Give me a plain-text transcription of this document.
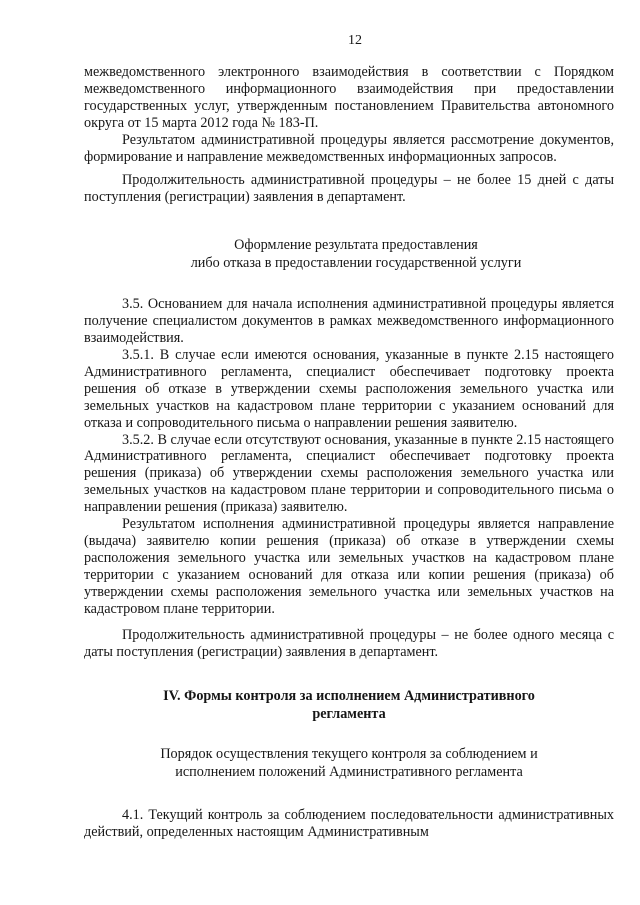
12

межведомственного электронного взаимодействия в соответствии с Порядком межведомственного информационного взаимодействия при предоставлении государственных услуг, утвержденным постановлением Правительства автономного округа от 15 марта 2012 года № 183-П.

Результатом административной процедуры является рассмотрение документов, формирование и направление межведомственных информационных запросов.

Продолжительность административной процедуры – не более 15 дней с даты поступления (регистрации) заявления в департамент.

Оформление результата предоставления
либо отказа в предоставлении государственной услуги

3.5. Основанием для начала исполнения административной процедуры является получение специалистом документов в рамках межведомственного информационного взаимодействия.

3.5.1. В случае если имеются основания, указанные в пункте 2.15 настоящего Административного регламента, специалист обеспечивает подготовку проекта решения об отказе в утверждении схемы расположения земельного участка или земельных участков на кадастровом плане территории с указанием оснований для отказа и сопроводительного письма о направлении решения заявителю.

3.5.2. В случае если отсутствуют основания, указанные в пункте 2.15 настоящего Административного регламента, специалист обеспечивает подготовку проекта решения (приказа) об утверждении схемы расположения земельного участка или земельных участков на кадастровом плане территории и сопроводительного письма о направлении решения (приказа) заявителю.

Результатом исполнения административной процедуры является направление (выдача) заявителю копии решения (приказа) об отказе в утверждении схемы расположения земельного участка или земельных участков на кадастровом плане территории с указанием оснований для отказа или копии решения (приказа) об утверждении схемы расположения земельного участка или земельных участков на кадастровом плане территории.

Продолжительность административной процедуры – не более одного месяца с даты поступления (регистрации) заявления в департамент.

IV. Формы контроля за исполнением Административного
регламента
Порядок осуществления текущего контроля за соблюдением и
исполнением положений Административного регламента

4.1. Текущий контроль за соблюдением последовательности административных действий, определенных настоящим Административным
